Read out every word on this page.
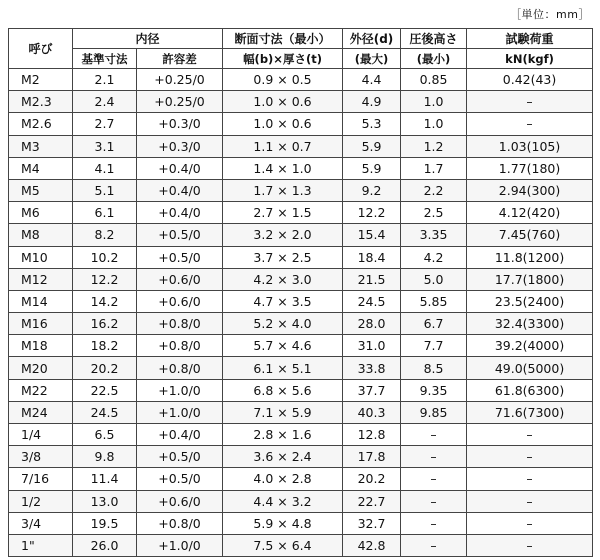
［単位：mm］
呼び	内径		断面寸法（最小）	外径(d)	圧後高さ	試験荷重
	基準寸法	許容差	幅(b)×厚さ(t)	(最大)	(最小)	kN(kgf)
M2	2.1	+0.25/0	0.9 × 0.5	4.4	0.85	0.42(43)
M2.3	2.4	+0.25/0	1.0 × 0.6	4.9	1.0	–
M2.6	2.7	+0.3/0	1.0 × 0.6	5.3	1.0	–
M3	3.1	+0.3/0	1.1 × 0.7	5.9	1.2	1.03(105)
M4	4.1	+0.4/0	1.4 × 1.0	5.9	1.7	1.77(180)
M5	5.1	+0.4/0	1.7 × 1.3	9.2	2.2	2.94(300)
M6	6.1	+0.4/0	2.7 × 1.5	12.2	2.5	4.12(420)
M8	8.2	+0.5/0	3.2 × 2.0	15.4	3.35	7.45(760)
M10	10.2	+0.5/0	3.7 × 2.5	18.4	4.2	11.8(1200)
M12	12.2	+0.6/0	4.2 × 3.0	21.5	5.0	17.7(1800)
M14	14.2	+0.6/0	4.7 × 3.5	24.5	5.85	23.5(2400)
M16	16.2	+0.8/0	5.2 × 4.0	28.0	6.7	32.4(3300)
M18	18.2	+0.8/0	5.7 × 4.6	31.0	7.7	39.2(4000)
M20	20.2	+0.8/0	6.1 × 5.1	33.8	8.5	49.0(5000)
M22	22.5	+1.0/0	6.8 × 5.6	37.7	9.35	61.8(6300)
M24	24.5	+1.0/0	7.1 × 5.9	40.3	9.85	71.6(7300)
1/4	6.5	+0.4/0	2.8 × 1.6	12.8	–	–
3/8	9.8	+0.5/0	3.6 × 2.4	17.8	–	–
7/16	11.4	+0.5/0	4.0 × 2.8	20.2	–	–
1/2	13.0	+0.6/0	4.4 × 3.2	22.7	–	–
3/4	19.5	+0.8/0	5.9 × 4.8	32.7	–	–
1"	26.0	+1.0/0	7.5 × 6.4	42.8	–	–
